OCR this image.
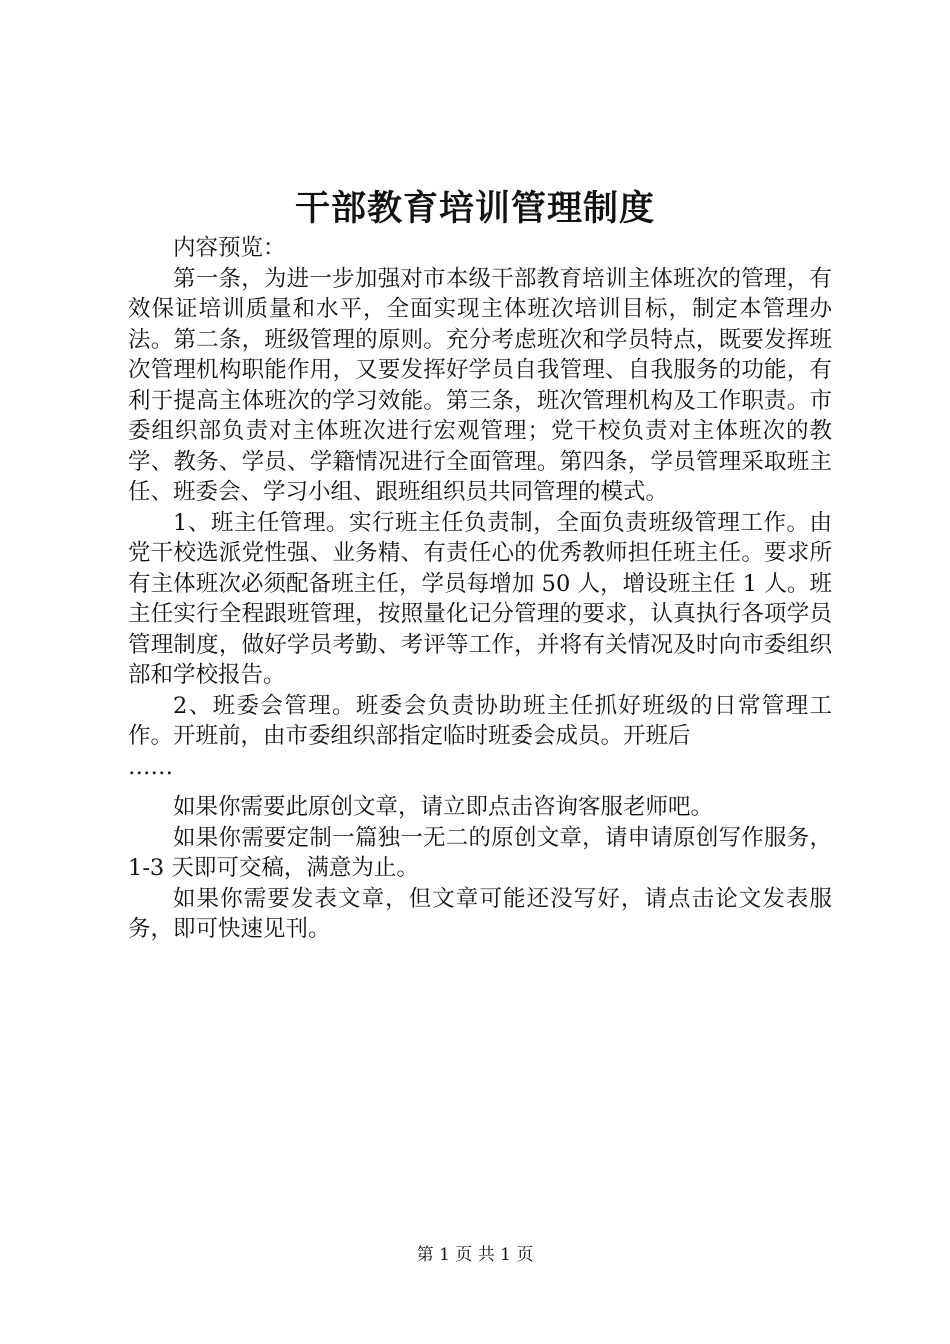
干部教育培训管理制度

内容预览：

第一条，为进一步加强对市本级干部教育培训主体班次的管理，有效保证培训质量和水平，全面实现主体班次培训目标，制定本管理办法。第二条，班级管理的原则。充分考虑班次和学员特点，既要发挥班次管理机构职能作用，又要发挥好学员自我管理、自我服务的功能，有利于提高主体班次的学习效能。第三条，班次管理机构及工作职责。市委组织部负责对主体班次进行宏观管理；党干校负责对主体班次的教学、教务、学员、学籍情况进行全面管理。第四条，学员管理采取班主任、班委会、学习小组、跟班组织员共同管理的模式。

1、班主任管理。实行班主任负责制，全面负责班级管理工作。由党干校选派党性强、业务精、有责任心的优秀教师担任班主任。要求所有主体班次必须配备班主任，学员每增加 50 人，增设班主任 1 人。班主任实行全程跟班管理，按照量化记分管理的要求，认真执行各项学员管理制度，做好学员考勤、考评等工作，并将有关情况及时向市委组织部和学校报告。

2、班委会管理。班委会负责协助班主任抓好班级的日常管理工作。开班前，由市委组织部指定临时班委会成员。开班后

……

如果你需要此原创文章，请立即点击咨询客服老师吧。

如果你需要定制一篇独一无二的原创文章，请申请原创写作服务，1-3 天即可交稿，满意为止。

如果你需要发表文章，但文章可能还没写好，请点击论文发表服务，即可快速见刊。

第 1 页 共 1 页
